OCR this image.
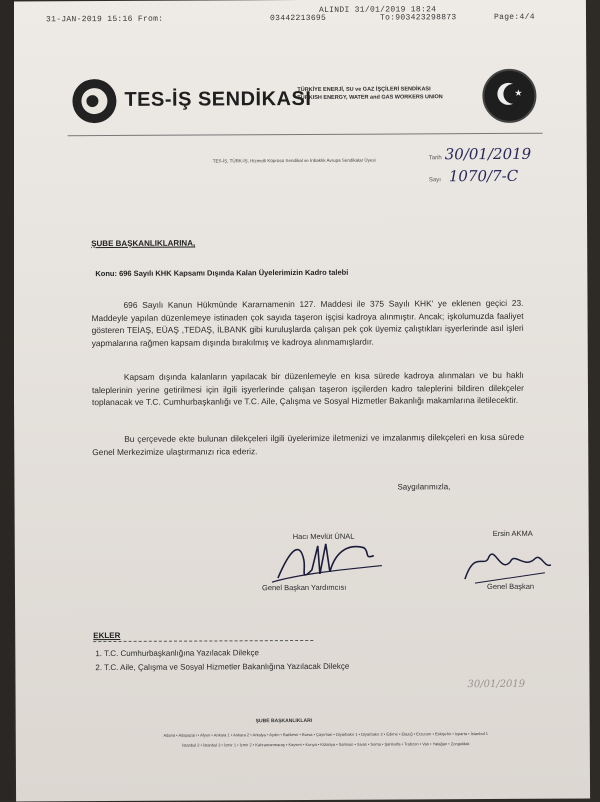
31-JAN-2019 15:16 From:
ALINDI 31/01/2019 18:24
03442213695	To:903423298873	Page:4/4
TES-İŞ SENDİKASI
TÜRKİYE ENERJİ, SU ve GAZ İŞÇİLERİ SENDİKASI
TURKISH ENERGY, WATER and GAS WORKERS UNION	★
TES-İŞ, TÜRK-İŞ, Hizmetli Köprüsü Sendikal ve İnbaklık Avrupa Sendikalar Üyesi	Tarih 30/01/2019
Sayı 1070/7-C
ŞUBE BAŞKANLIKLARINA,
Konu: 696 Sayılı KHK Kapsamı Dışında Kalan Üyelerimizin Kadro talebi
696 Sayılı Kanun Hükmünde Kararnamenin 127. Maddesi ile 375 Sayılı KHK' ye eklenen geçici 23. Maddeyle yapılan düzenlemeye istinaden çok sayıda taşeron işçisi kadroya alınmıştır. Ancak; işkolumuzda faaliyet gösteren TEİAŞ, EÜAŞ ,TEDAŞ, İLBANK gibi kuruluşlarda çalışan pek çok üyemiz çalıştıkları işyerlerinde asıl işleri yapmalarına rağmen kapsam dışında bırakılmış ve kadroya alınmamışlardır.
Kapsam dışında kalanların yapılacak bir düzenlemeyle en kısa sürede kadroya alınmaları ve bu haklı taleplerinin yerine getirilmesi için ilgili işyerlerinde çalışan taşeron işçilerden kadro taleplerini bildiren dilekçeler toplanacak ve T.C. Cumhurbaşkanlığı ve T.C. Aile, Çalışma ve Sosyal Hizmetler Bakanlığı makamlarına iletilecektir.
Bu çerçevede ekte bulunan dilekçeleri ilgili üyelerimize iletmenizi ve imzalanmış dilekçeleri en kısa sürede Genel Merkezimize ulaştırmanızı rica ederiz.
Saygılarımızla,
Hacı Mevlüt ÜNAL
Genel Başkan Yardımcısı
Ersin AKMA
Genel Başkan
EKLER
1. T.C. Cumhurbaşkanlığına Yazılacak Dilekçe
2. T.C. Aile, Çalışma ve Sosyal Hizmetler Bakanlığına Yazılacak Dilekçe
30/01/2019
ŞUBE BAŞKANLIKLARI
Adana • Adapazarı • Afyon • Ankara 1 • Ankara 2 • Antalya • Aydın • Balıkesir • Bursa • Çayırhan • Diyarbakır 1 • Diyarbakır 2 • Edirne • Elazığ • Erzurum • Eskişehir • Isparta • İstanbul 1
İstanbul 2 • İstanbul 3 • İzmir 1 • İzmir 2 • Kahramanmaraş • Kayseri • Konya • Kütahya • Samsun • Sivas • Soma • Şanlıurfa • Trabzon • Van • Yatağan • Zonguldak
